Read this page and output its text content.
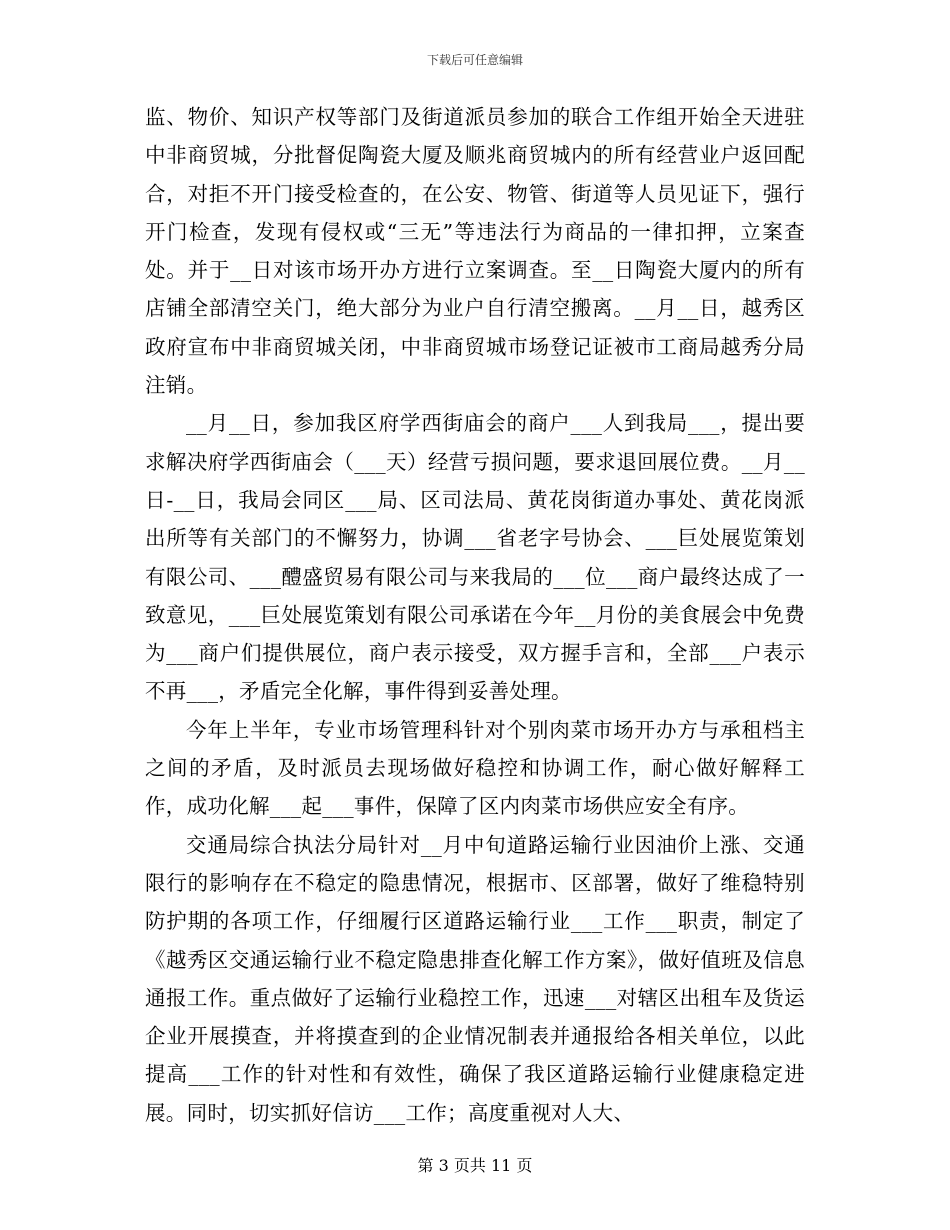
下载后可任意编辑

监、物价、知识产权等部门及街道派员参加的联合工作组开始全天进驻中非商贸城，分批督促陶瓷大厦及顺兆商贸城内的所有经营业户返回配合，对拒不开门接受检查的，在公安、物管、街道等人员见证下，强行开门检查，发现有侵权或“三无”等违法行为商品的一律扣押，立案查处。并于__日对该市场开办方进行立案调查。至__日陶瓷大厦内的所有店铺全部清空关门，绝大部分为业户自行清空搬离。__月__日，越秀区政府宣布中非商贸城关闭，中非商贸城市场登记证被市工商局越秀分局注销。

__月__日，参加我区府学西街庙会的商户___人到我局___，提出要求解决府学西街庙会（___天）经营亏损问题，要求退回展位费。__月__日-__日，我局会同区___局、区司法局、黄花岗街道办事处、黄花岗派出所等有关部门的不懈努力，协调___省老字号协会、___巨处展览策划有限公司、___醴盛贸易有限公司与来我局的___位___商户最终达成了一致意见，___巨处展览策划有限公司承诺在今年__月份的美食展会中免费为___商户们提供展位，商户表示接受，双方握手言和，全部___户表示不再___，矛盾完全化解，事件得到妥善处理。

今年上半年，专业市场管理科针对个别肉菜市场开办方与承租档主之间的矛盾，及时派员去现场做好稳控和协调工作，耐心做好解释工作，成功化解___起___事件，保障了区内肉菜市场供应安全有序。

交通局综合执法分局针对__月中旬道路运输行业因油价上涨、交通限行的影响存在不稳定的隐患情况，根据市、区部署，做好了维稳特别防护期的各项工作，仔细履行区道路运输行业___工作___职责，制定了《越秀区交通运输行业不稳定隐患排查化解工作方案》，做好值班及信息通报工作。重点做好了运输行业稳控工作，迅速___对辖区出租车及货运企业开展摸查，并将摸查到的企业情况制表并通报给各相关单位，以此提高___工作的针对性和有效性，确保了我区道路运输行业健康稳定进展。同时，切实抓好信访___工作；高度重视对人大、

第 3 页共 11 页
